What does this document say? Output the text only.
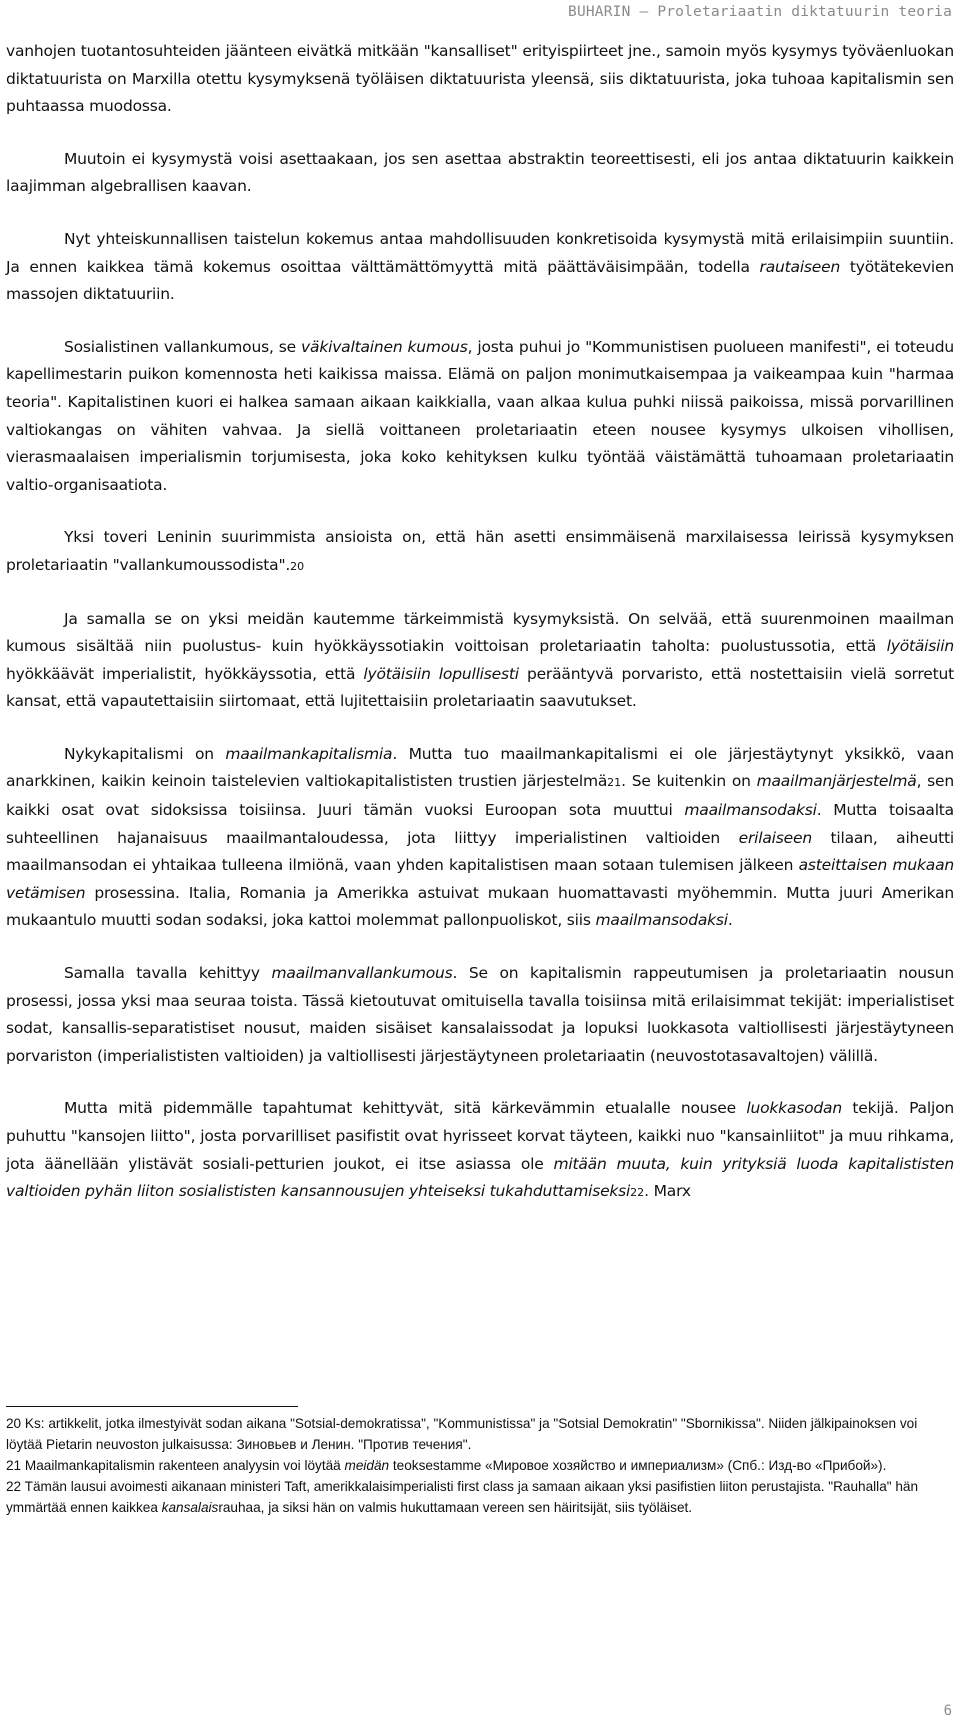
BUHARIN – Proletariaatin diktatuurin teoria

vanhojen tuotantosuhteiden jäänteen eivätkä mitkään "kansalliset" erityispiirteet jne., samoin myös kysymys työväenluokan diktatuurista on Marxilla otettu kysymyksenä työläisen diktatuurista yleensä, siis diktatuurista, joka tuhoaa kapitalismin sen puhtaassa muodossa.

Muutoin ei kysymystä voisi asettaakaan, jos sen asettaa abstraktin teoreettisesti, eli jos antaa diktatuurin kaikkein laajimman algebrallisen kaavan.

Nyt yhteiskunnallisen taistelun kokemus antaa mahdollisuuden konkretisoida kysymystä mitä erilaisimpiin suuntiin. Ja ennen kaikkea tämä kokemus osoittaa välttämättömyyttä mitä päättäväisimpään, todella rautaiseen työtätekevien massojen diktatuuriin.

Sosialistinen vallankumous, se väkivaltainen kumous, josta puhui jo "Kommunistisen puolueen manifesti", ei toteudu kapellimestarin puikon komennosta heti kaikissa maissa. Elämä on paljon monimutkaisempaa ja vaikeampaa kuin "harmaa teoria". Kapitalistinen kuori ei halkea samaan aikaan kaikkialla, vaan alkaa kulua puhki niissä paikoissa, missä porvarillinen valtiokangas on vähiten vahvaa. Ja siellä voittaneen proletariaatin eteen nousee kysymys ulkoisen vihollisen, vierasmaalaisen imperialismin torjumisesta, joka koko kehityksen kulku työntää väistämättä tuhoamaan proletariaatin valtio-organisaatiota.

Yksi toveri Leninin suurimmista ansioista on, että hän asetti ensimmäisenä marxilaisessa leirissä kysymyksen proletariaatin "vallankumoussodista".20

Ja samalla se on yksi meidän kautemme tärkeimmistä kysymyksistä. On selvää, että suurenmoinen maailman kumous sisältää niin puolustus- kuin hyökkäyssotiakin voittoisan proletariaatin taholta: puolustussotia, että lyötäisiin hyökkäävät imperialistit, hyökkäyssotia, että lyötäisiin lopullisesti perääntyvä porvaristo, että nostettaisiin vielä sorretut kansat, että vapautettaisiin siirtomaat, että lujitettaisiin proletariaatin saavutukset.

Nykykapitalismi on maailmankapitalismia. Mutta tuo maailmankapitalismi ei ole järjestäytynyt yksikkö, vaan anarkkinen, kaikin keinoin taistelevien valtiokapitalististen trustien järjestelmä21. Se kuitenkin on maailmanjärjestelmä, sen kaikki osat ovat sidoksissa toisiinsa. Juuri tämän vuoksi Euroopan sota muuttui maailmansodaksi. Mutta toisaalta suhteellinen hajanaisuus maailmantaloudessa, jota liittyy imperialistinen valtioiden erilaiseen tilaan, aiheutti maailmansodan ei yhtaikaa tulleena ilmiönä, vaan yhden kapitalistisen maan sotaan tulemisen jälkeen asteittaisen mukaan vetämisen prosessina. Italia, Romania ja Amerikka astuivat mukaan huomattavasti myöhemmin. Mutta juuri Amerikan mukaantulo muutti sodan sodaksi, joka kattoi molemmat pallonpuoliskot, siis maailmansodaksi.

Samalla tavalla kehittyy maailmanvallankumous. Se on kapitalismin rappeutumisen ja proletariaatin nousun prosessi, jossa yksi maa seuraa toista. Tässä kietoutuvat omituisella tavalla toisiinsa mitä erilaisimmat tekijät: imperialistiset sodat, kansallis-separatistiset nousut, maiden sisäiset kansalaissodat ja lopuksi luokkasota valtiollisesti järjestäytyneen porvariston (imperialististen valtioiden) ja valtiollisesti järjestäytyneen proletariaatin (neuvostotasavaltojen) välillä.

Mutta mitä pidemmälle tapahtumat kehittyvät, sitä kärkevämmin etualalle nousee luokkasodan tekijä. Paljon puhuttu "kansojen liitto", josta porvarilliset pasifistit ovat hyrisseet korvat täyteen, kaikki nuo "kansainliitot" ja muu rihkama, jota äänellään ylistävät sosiali-petturien joukot, ei itse asiassa ole mitään muuta, kuin yrityksiä luoda kapitalististen valtioiden pyhän liiton sosialististen kansannousujen yhteiseksi tukahduttamiseksi22. Marx

20 Ks: artikkelit, jotka ilmestyivät sodan aikana "Sotsial-demokratissa", "Kommunistissa" ja "Sotsial Demokratin" "Sbornikissa". Niiden jälkipainoksen voi löytää Pietarin neuvoston julkaisussa: Зиновьев и Ленин. "Против течения".

21 Maailmankapitalismin rakenteen analyysin voi löytää meidän teoksestamme «Мировое хозяйство и империализм» (Спб.: Изд-во «Прибой»).

22 Tämän lausui avoimesti aikanaan ministeri Taft, amerikkalaisimperialisti first class ja samaan aikaan yksi pasifistien liiton perustajista. "Rauhalla" hän ymmärtää ennen kaikkea kansalaisrauhaa, ja siksi hän on valmis hukuttamaan vereen sen häiritsijät, siis työläiset.

6
